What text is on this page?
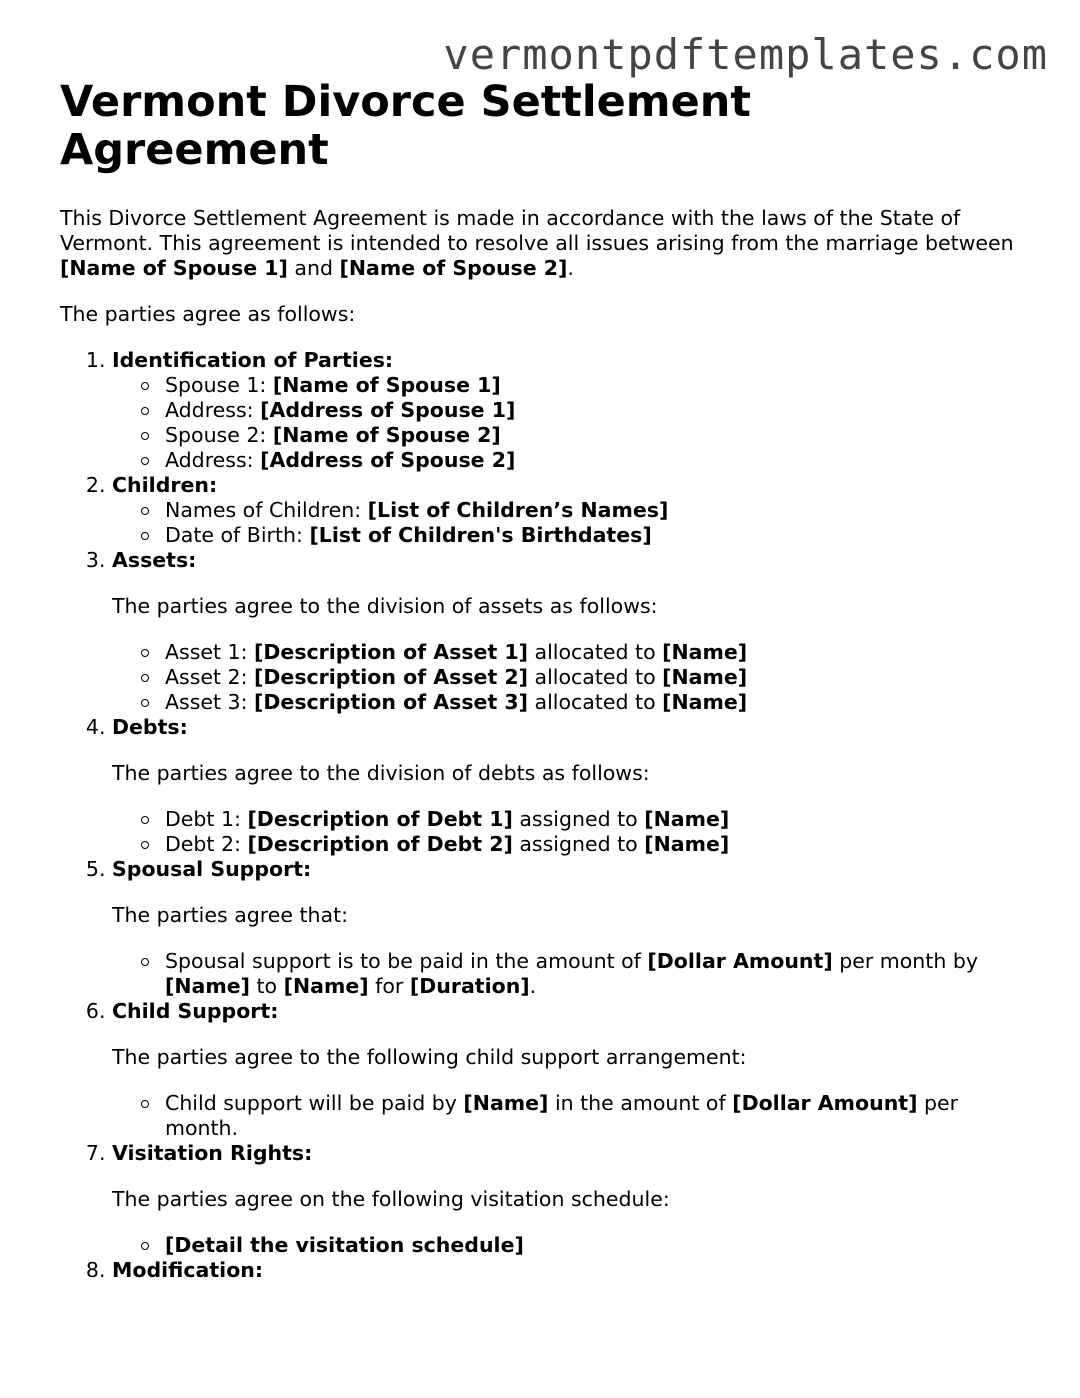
vermontpdftemplates.com
Vermont Divorce Settlement Agreement

This Divorce Settlement Agreement is made in accordance with the laws of the State of Vermont. This agreement is intended to resolve all issues arising from the marriage between [Name of Spouse 1] and [Name of Spouse 2].

The parties agree as follows:

1. Identification of Parties:
Spouse 1: [Name of Spouse 1]
Address: [Address of Spouse 1]
Spouse 2: [Name of Spouse 2]
Address: [Address of Spouse 2]
2. Children:
Names of Children: [List of Children’s Names]
Date of Birth: [List of Children's Birthdates]
3. Assets:

The parties agree to the division of assets as follows:

Asset 1: [Description of Asset 1] allocated to [Name]
Asset 2: [Description of Asset 2] allocated to [Name]
Asset 3: [Description of Asset 3] allocated to [Name]
4. Debts:

The parties agree to the division of debts as follows:

Debt 1: [Description of Debt 1] assigned to [Name]
Debt 2: [Description of Debt 2] assigned to [Name]
5. Spousal Support:

The parties agree that:

Spousal support is to be paid in the amount of [Dollar Amount] per month by [Name] to [Name] for [Duration].
6. Child Support:

The parties agree to the following child support arrangement:

Child support will be paid by [Name] in the amount of [Dollar Amount] per month.
7. Visitation Rights:

The parties agree on the following visitation schedule:

[Detail the visitation schedule]
8. Modification:
